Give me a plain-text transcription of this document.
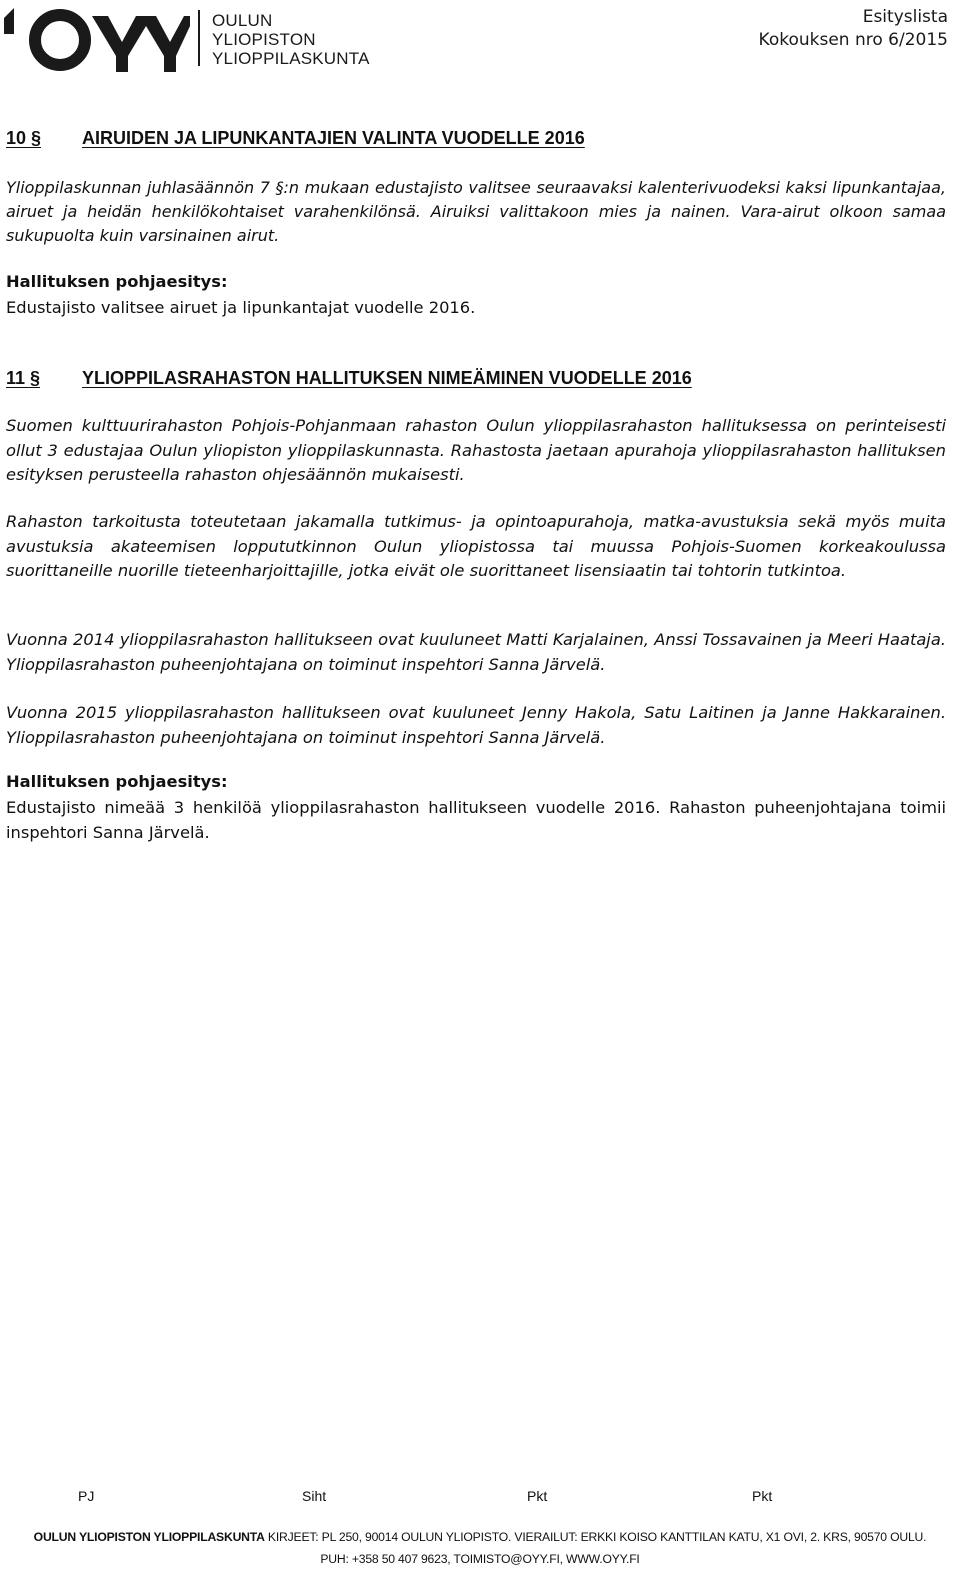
OULUN
YLIOPISTON
YLIOPPILASKUNTA
Esityslista
Kokouksen nro 6/2015
10 §	AIRUIDEN JA LIPUNKANTAJIEN VALINTA VUODELLE 2016

Ylioppilaskunnan juhlasäännön 7 §:n mukaan edustajisto valitsee seuraavaksi kalenterivuodeksi kaksi lipunkantajaa, airuet ja heidän henkilökohtaiset varahenkilönsä. Airuiksi valittakoon mies ja nainen. Vara-airut olkoon samaa sukupuolta kuin varsinainen airut.

Hallituksen pohjaesitys:

Edustajisto valitsee airuet ja lipunkantajat vuodelle 2016.

11 §	YLIOPPILASRAHASTON HALLITUKSEN NIMEÄMINEN VUODELLE 2016

Suomen kulttuurirahaston Pohjois-Pohjanmaan rahaston Oulun ylioppilasrahaston hallituksessa on perinteisesti ollut 3 edustajaa Oulun yliopiston ylioppilaskunnasta. Rahastosta jaetaan apurahoja ylioppilasrahaston hallituksen esityksen perusteella rahaston ohjesäännön mukaisesti.

Rahaston tarkoitusta toteutetaan jakamalla tutkimus- ja opintoapurahoja, matka-avustuksia sekä myös muita avustuksia akateemisen loppututkinnon Oulun yliopistossa tai muussa Pohjois-Suomen korkeakoulussa suorittaneille nuorille tieteenharjoittajille, jotka eivät ole suorittaneet lisensiaatin tai tohtorin tutkintoa.

Vuonna 2014 ylioppilasrahaston hallitukseen ovat kuuluneet Matti Karjalainen, Anssi Tossavainen ja Meeri Haataja. Ylioppilasrahaston puheenjohtajana on toiminut inspehtori Sanna Järvelä.

Vuonna 2015 ylioppilasrahaston hallitukseen ovat kuuluneet Jenny Hakola, Satu Laitinen ja Janne Hakkarainen. Ylioppilasrahaston puheenjohtajana on toiminut inspehtori Sanna Järvelä.

Hallituksen pohjaesitys:

Edustajisto nimeää 3 henkilöä ylioppilasrahaston hallitukseen vuodelle 2016. Rahaston puheenjohtajana toimii inspehtori Sanna Järvelä.

PJ	Siht	Pkt	Pkt
OULUN YLIOPISTON YLIOPPILASKUNTA KIRJEET: PL 250, 90014 OULUN YLIOPISTO. VIERAILUT: ERKKI KOISO KANTTILAN KATU, X1 OVI, 2. KRS, 90570 OULU.
PUH: +358 50 407 9623, TOIMISTO@OYY.FI, WWW.OYY.FI
